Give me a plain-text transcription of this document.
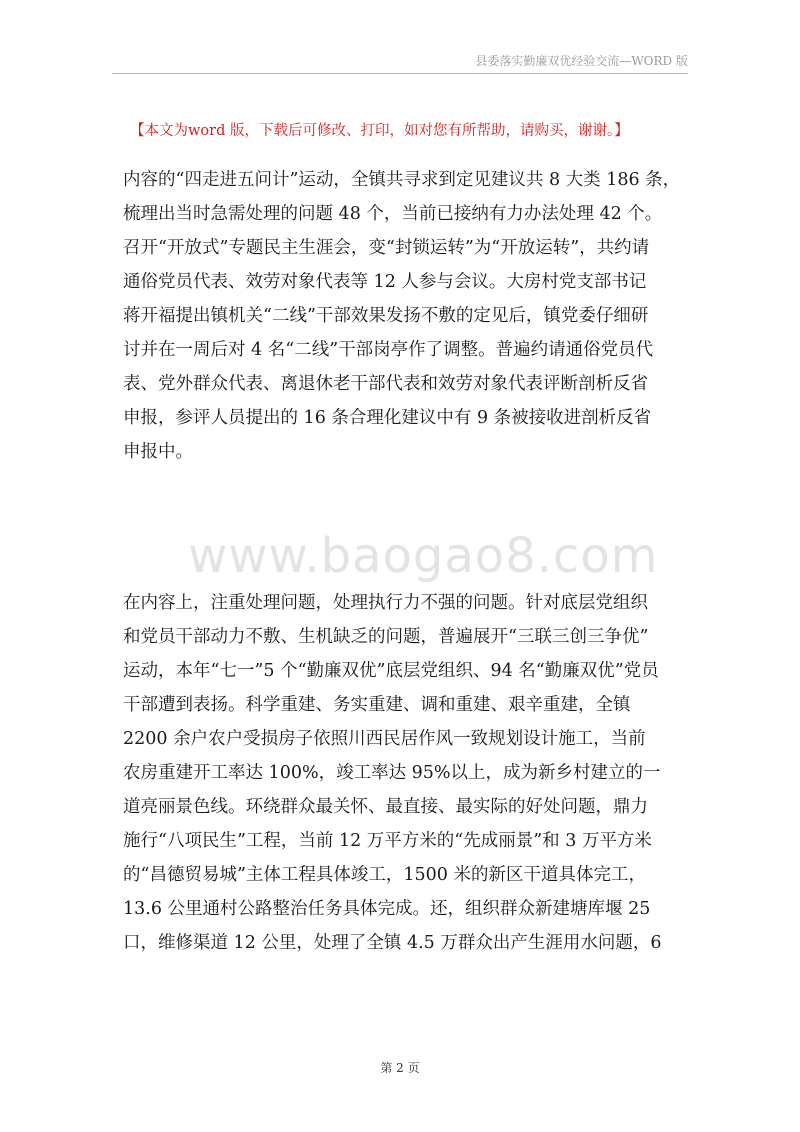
县委落实勤廉双优经验交流—WORD 版
【本文为word 版，下载后可修改、打印，如对您有所帮助，请购买，谢谢。】
内容的“四走进五问计”运动，全镇共寻求到定见建议共 8 大类 186 条，
梳理出当时急需处理的问题 48 个，当前已接纳有力办法处理 42 个。
召开“开放式”专题民主生涯会，变“封锁运转”为“开放运转”，共约请
通俗党员代表、效劳对象代表等 12 人参与会议。大房村党支部书记
蒋开福提出镇机关“二线”干部效果发扬不敷的定见后，镇党委仔细研
讨并在一周后对 4 名“二线”干部岗亭作了调整。普遍约请通俗党员代
表、党外群众代表、离退休老干部代表和效劳对象代表评断剖析反省
申报，参评人员提出的 16 条合理化建议中有 9 条被接收进剖析反省
申报中。
www.baogao8.com
在内容上，注重处理问题，处理执行力不强的问题。针对底层党组织
和党员干部动力不敷、生机缺乏的问题，普遍展开“三联三创三争优”
运动，本年“七一”5 个“勤廉双优”底层党组织、94 名“勤廉双优”党员
干部遭到表扬。科学重建、务实重建、调和重建、艰辛重建，全镇
2200 余户农户受损房子依照川西民居作风一致规划设计施工，当前
农房重建开工率达 100%，竣工率达 95%以上，成为新乡村建立的一
道亮丽景色线。环绕群众最关怀、最直接、最实际的好处问题，鼎力
施行“八项民生”工程，当前 12 万平方米的“先成丽景”和 3 万平方米
的“昌德贸易城”主体工程具体竣工，1500 米的新区干道具体完工，
13.6 公里通村公路整治任务具体完成。还，组织群众新建塘库堰 25
口，维修渠道 12 公里，处理了全镇 4.5 万群众出产生涯用水问题，6
第 2 页
